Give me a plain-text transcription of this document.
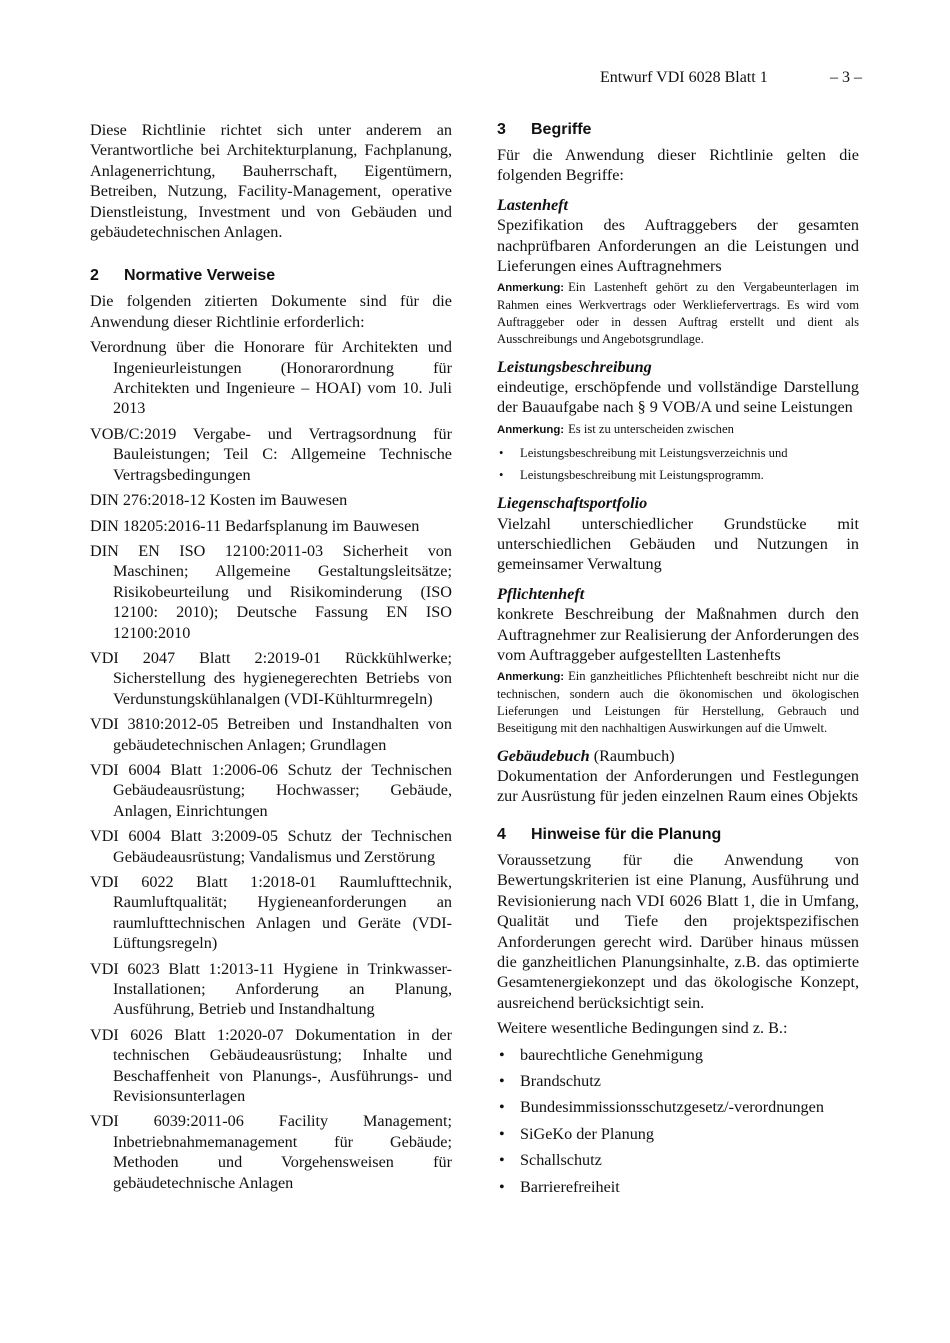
Entwurf VDI 6028 Blatt 1	– 3 –

Diese Richtlinie richtet sich unter anderem an Verantwortliche bei Architekturplanung, Fachplanung, Anlagenerrichtung, Bauherrschaft, Eigentümern, Betreiben, Nutzung, Facility-Management, operative Dienstleistung, Investment und von Gebäuden und gebäudetechnischen Anlagen.

2 Normative Verweise

Die folgenden zitierten Dokumente sind für die Anwendung dieser Richtlinie erforderlich:

Verordnung über die Honorare für Architekten und Ingenieurleistungen (Honorarordnung für Architekten und Ingenieure – HOAI) vom 10. Juli 2013

VOB/C:2019 Vergabe- und Vertragsordnung für Bauleistungen; Teil C: Allgemeine Technische Vertragsbedingungen

DIN 276:2018-12 Kosten im Bauwesen

DIN 18205:2016-11 Bedarfsplanung im Bauwesen

DIN EN ISO 12100:2011-03 Sicherheit von Maschinen; Allgemeine Gestaltungsleitsätze; Risikobeurteilung und Risikominderung (ISO 12100: 2010); Deutsche Fassung EN ISO 12100:2010

VDI 2047 Blatt 2:2019-01 Rückkühlwerke; Sicherstellung des hygienegerechten Betriebs von Verdunstungskühlanalgen (VDI-Kühlturmregeln)

VDI 3810:2012-05 Betreiben und Instandhalten von gebäudetechnischen Anlagen; Grundlagen

VDI 6004 Blatt 1:2006-06 Schutz der Technischen Gebäudeausrüstung; Hochwasser; Gebäude, Anlagen, Einrichtungen

VDI 6004 Blatt 3:2009-05 Schutz der Technischen Gebäudeausrüstung; Vandalismus und Zerstörung

VDI 6022 Blatt 1:2018-01 Raumlufttechnik, Raumluftqualität; Hygieneanforderungen an raumlufttechnischen Anlagen und Geräte (VDI-Lüftungsregeln)

VDI 6023 Blatt 1:2013-11 Hygiene in Trinkwasser-Installationen; Anforderung an Planung, Ausführung, Betrieb und Instandhaltung

VDI 6026 Blatt 1:2020-07 Dokumentation in der technischen Gebäudeausrüstung; Inhalte und Beschaffenheit von Planungs-, Ausführungs- und Revisionsunterlagen

VDI 6039:2011-06 Facility Management; Inbetriebnahmemanagement für Gebäude; Methoden und Vorgehensweisen für gebäudetechnische Anlagen

3 Begriffe

Für die Anwendung dieser Richtlinie gelten die folgenden Begriffe:

Lastenheft

Spezifikation des Auftraggebers der gesamten nachprüfbaren Anforderungen an die Leistungen und Lieferungen eines Auftragnehmers

Anmerkung: Ein Lastenheft gehört zu den Vergabeunterlagen im Rahmen eines Werkvertrags oder Werkliefervertrags. Es wird vom Auftraggeber oder in dessen Auftrag erstellt und dient als Ausschreibungs und Angebotsgrundlage.

Leistungsbeschreibung

eindeutige, erschöpfende und vollständige Darstellung der Bauaufgabe nach § 9 VOB/A und seine Leistungen

Anmerkung: Es ist zu unterscheiden zwischen

• Leistungsbeschreibung mit Leistungsverzeichnis und
• Leistungsbeschreibung mit Leistungsprogramm.

Liegenschaftsportfolio

Vielzahl unterschiedlicher Grundstücke mit unterschiedlichen Gebäuden und Nutzungen in gemeinsamer Verwaltung

Pflichtenheft

konkrete Beschreibung der Maßnahmen durch den Auftragnehmer zur Realisierung der Anforderungen des vom Auftraggeber aufgestellten Lastenhefts

Anmerkung: Ein ganzheitliches Pflichtenheft beschreibt nicht nur die technischen, sondern auch die ökonomischen und ökologischen Lieferungen und Leistungen für Herstellung, Gebrauch und Beseitigung mit den nachhaltigen Auswirkungen auf die Umwelt.

Gebäudebuch (Raumbuch)

Dokumentation der Anforderungen und Festlegungen zur Ausrüstung für jeden einzelnen Raum eines Objekts

4 Hinweise für die Planung

Voraussetzung für die Anwendung von Bewertungskriterien ist eine Planung, Ausführung und Revisionierung nach VDI 6026 Blatt 1, die in Umfang, Qualität und Tiefe den projektspezifischen Anforderungen gerecht wird. Darüber hinaus müssen die ganzheitlichen Planungsinhalte, z.B. das optimierte Gesamtenergiekonzept und das ökologische Konzept, ausreichend berücksichtigt sein.

Weitere wesentliche Bedingungen sind z. B.:

• baurechtliche Genehmigung
• Brandschutz
• Bundesimmissionsschutzgesetz/-verordnungen
• SiGeKo der Planung
• Schallschutz
• Barrierefreiheit
